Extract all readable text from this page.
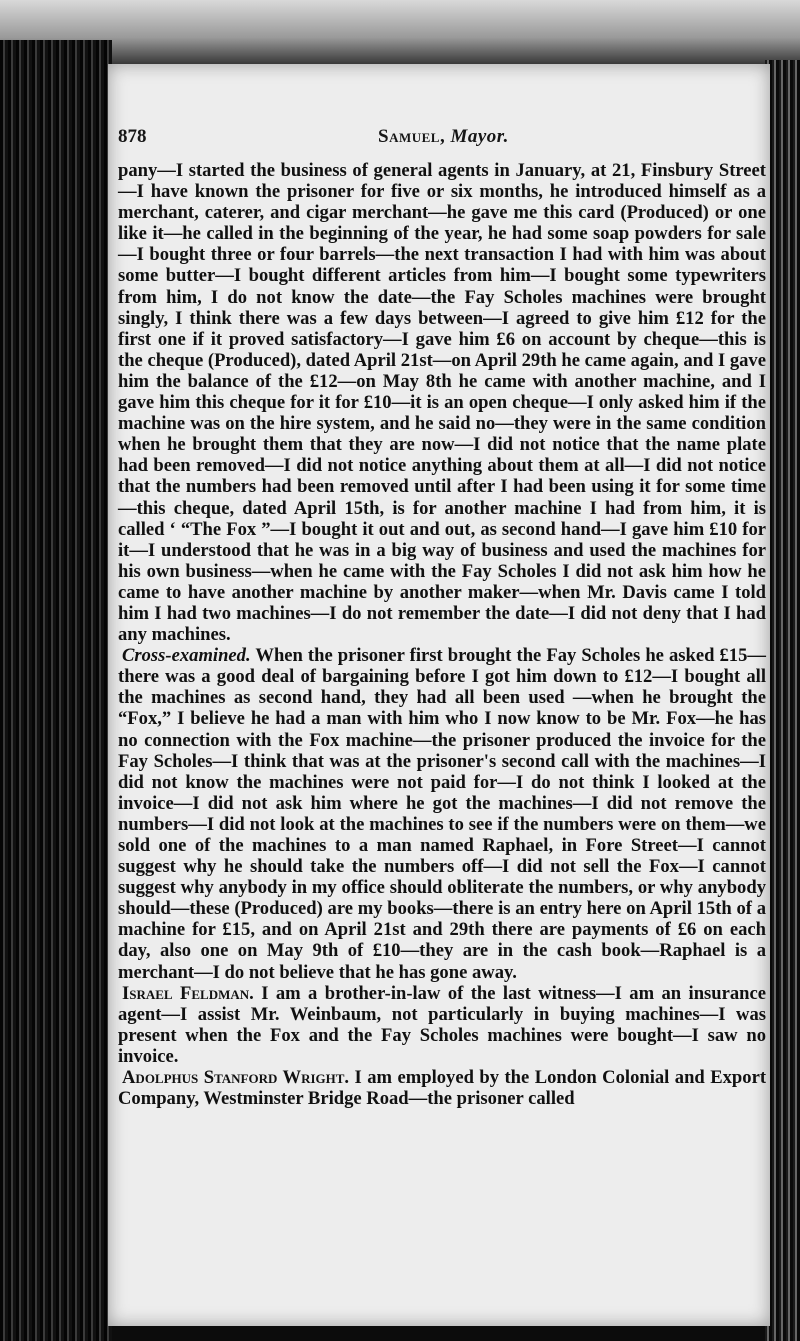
878	Samuel, Mayor.

pany—I started the business of general agents in January, at 21, Finsbury Street—I have known the prisoner for five or six months, he introduced himself as a merchant, caterer, and cigar merchant—he gave me this card (Produced) or one like it—he called in the beginning of the year, he had some soap powders for sale—I bought three or four barrels—the next transaction I had with him was about some butter—I bought different articles from him—I bought some typewriters from him, I do not know the date—the Fay Scholes machines were brought singly, I think there was a few days between—I agreed to give him £12 for the first one if it proved satisfactory—I gave him £6 on account by cheque—this is the cheque (Produced), dated April 21st—on April 29th he came again, and I gave him the balance of the £12—on May 8th he came with another machine, and I gave him this cheque for it for £10—it is an open cheque—I only asked him if the machine was on the hire system, and he said no—they were in the same condition when he brought them that they are now—I did not notice that the name plate had been removed—I did not notice anything about them at all—I did not notice that the numbers had been removed until after I had been using it for some time—this cheque, dated April 15th, is for another machine I had from him, it is called ‘ “The Fox ”—I bought it out and out, as second hand—I gave him £10 for it—I understood that he was in a big way of business and used the machines for his own business—when he came with the Fay Scholes I did not ask him how he came to have another machine by another maker—when Mr. Davis came I told him I had two machines—I do not remember the date—I did not deny that I had any machines.

Cross-examined. When the prisoner first brought the Fay Scholes he asked £15—there was a good deal of bargaining before I got him down to £12—I bought all the machines as second hand, they had all been used —when he brought the “Fox,” I believe he had a man with him who I now know to be Mr. Fox—he has no connection with the Fox machine—the prisoner produced the invoice for the Fay Scholes—I think that was at the prisoner's second call with the machines—I did not know the machines were not paid for—I do not think I looked at the invoice—I did not ask him where he got the machines—I did not remove the numbers—I did not look at the machines to see if the numbers were on them—we sold one of the machines to a man named Raphael, in Fore Street—I cannot suggest why he should take the numbers off—I did not sell the Fox—I cannot suggest why anybody in my office should obliterate the numbers, or why anybody should—these (Produced) are my books—there is an entry here on April 15th of a machine for £15, and on April 21st and 29th there are payments of £6 on each day, also one on May 9th of £10—they are in the cash book—Raphael is a merchant—I do not believe that he has gone away.

Israel Feldman. I am a brother-in-law of the last witness—I am an insurance agent—I assist Mr. Weinbaum, not particularly in buying machines—I was present when the Fox and the Fay Scholes machines were bought—I saw no invoice.

Adolphus Stanford Wright. I am employed by the London Colonial and Export Company, Westminster Bridge Road—the prisoner called
